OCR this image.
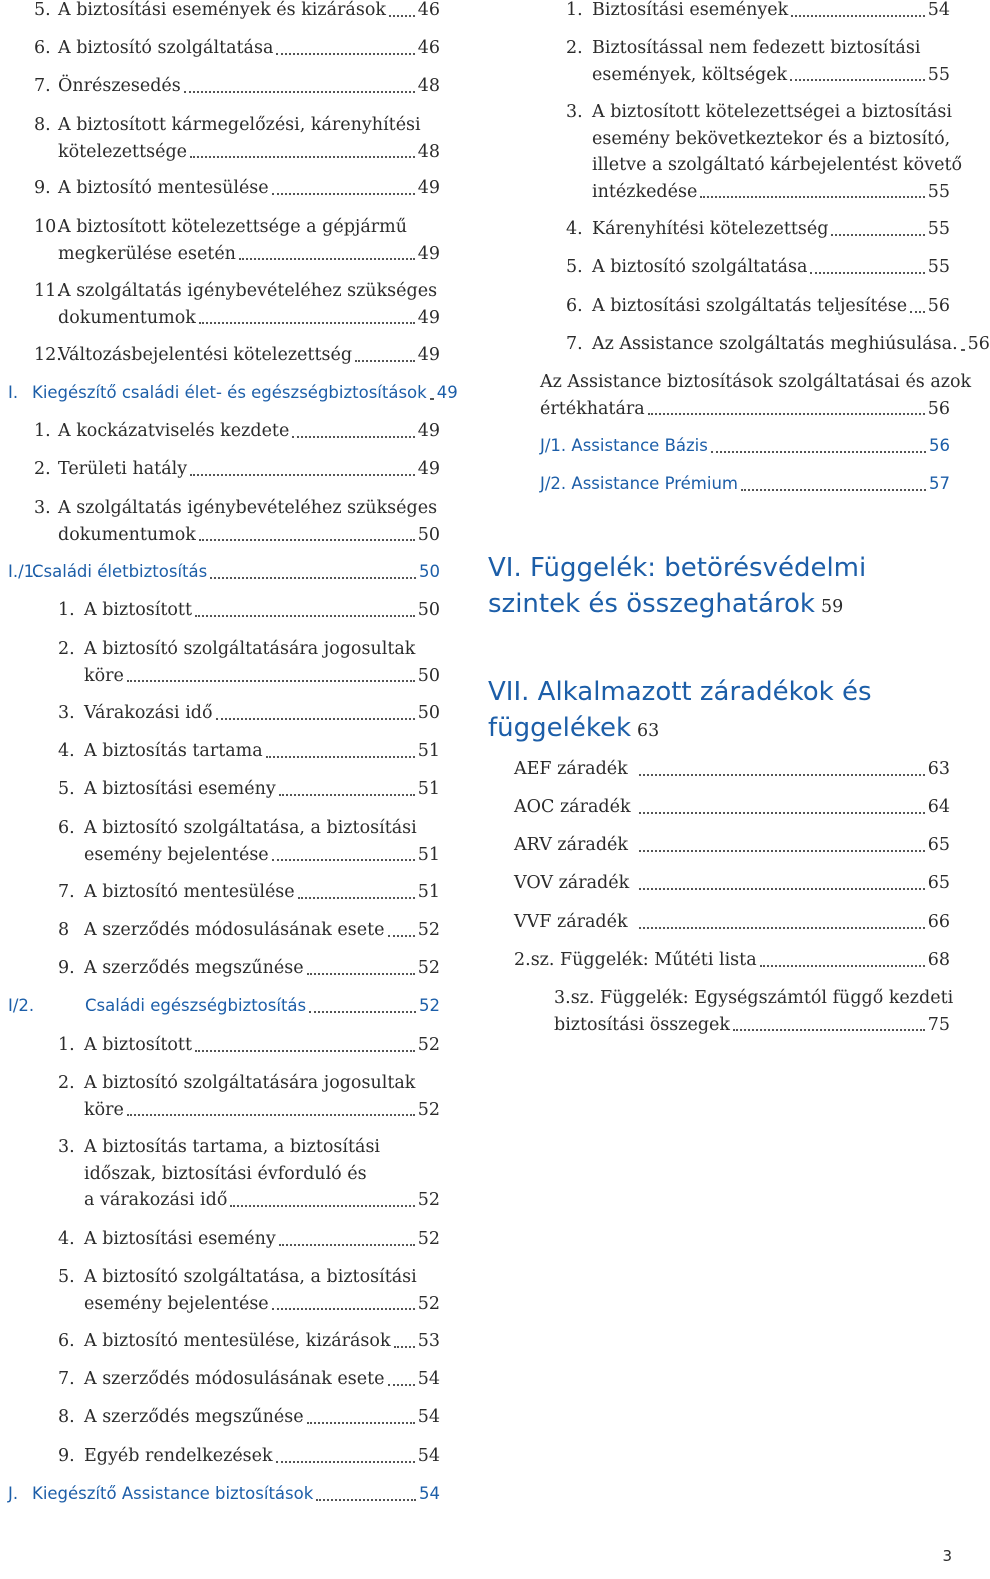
5. A biztosítási események és kizárások 46
6. A biztosító szolgáltatása	46
7. Önrészesedés	48
8. A biztosított kármegelőzési, kárenyhítési
kötelezettsége	48
9. A biztosító mentesülése	49
10.
A biztosított kötelezettsége a gépjármű
megkerülése esetén	49
11.
A szolgáltatás igénybevételéhez szükséges
dokumentumok	49
12.
Változásbejelentési kötelezettség	49
I. Kiegészítő családi élet- és egészségbiztosítások 49
1. A kockázatviselés kezdete	49
2. Területi hatály	49
3. A szolgáltatás igénybevételéhez szükséges
dokumentumok	50
I./1.
Családi életbiztosítás	50
1. A biztosított	50
2. A biztosító szolgáltatására jogosultak
köre	50
3. Várakozási idő	50
4. A biztosítás tartama	51
5. A biztosítási esemény	51
6. A biztosító szolgáltatása, a biztosítási
esemény bejelentése	51
7. A biztosító mentesülése	51
8 A szerződés módosulásának esete 52
9. A szerződés megszűnése	52
I/2.	Családi egészségbiztosítás	52
1. A biztosított	52
2. A biztosító szolgáltatására jogosultak
köre	52
3. A biztosítás tartama, a biztosítási
időszak, biztosítási évforduló és
a várakozási idő	52
4. A biztosítási esemény	52
5. A biztosító szolgáltatása, a biztosítási
esemény bejelentése	52
6. A biztosító mentesülése, kizárások 53
7. A szerződés módosulásának esete 54
8. A szerződés megszűnése	54
9. Egyéb rendelkezések	54
J. Kiegészítő Assistance biztosítások	54
1. Biztosítási események	54
2. Biztosítással nem fedezett biztosítási
események, költségek	55
3. A biztosított kötelezettségei a biztosítási
esemény bekövetkeztekor és a biztosító,
illetve a szolgáltató kárbejelentést követő
intézkedése	55
4. Kárenyhítési kötelezettség	55
5. A biztosító szolgáltatása	55
6. A biztosítási szolgáltatás teljesítése 56
7. Az Assistance szolgáltatás meghiúsulása. 56
Az Assistance biztosítások szolgáltatásai és azok
értékhatára	56
J/1. Assistance Bázis	56
J/2. Assistance Prémium	57
VI. Függelék: betörésvédelmi
szintek és összeghatárok 59
VII. Alkalmazott záradékok és
függelékek 63
AEF záradék	63
AOC záradék	64
ARV záradék	65
VOV záradék	65
VVF záradék	66
2.sz. Függelék: Műtéti lista	68
3.sz. Függelék: Egységszámtól függő kezdeti
biztosítási összegek	75
3
